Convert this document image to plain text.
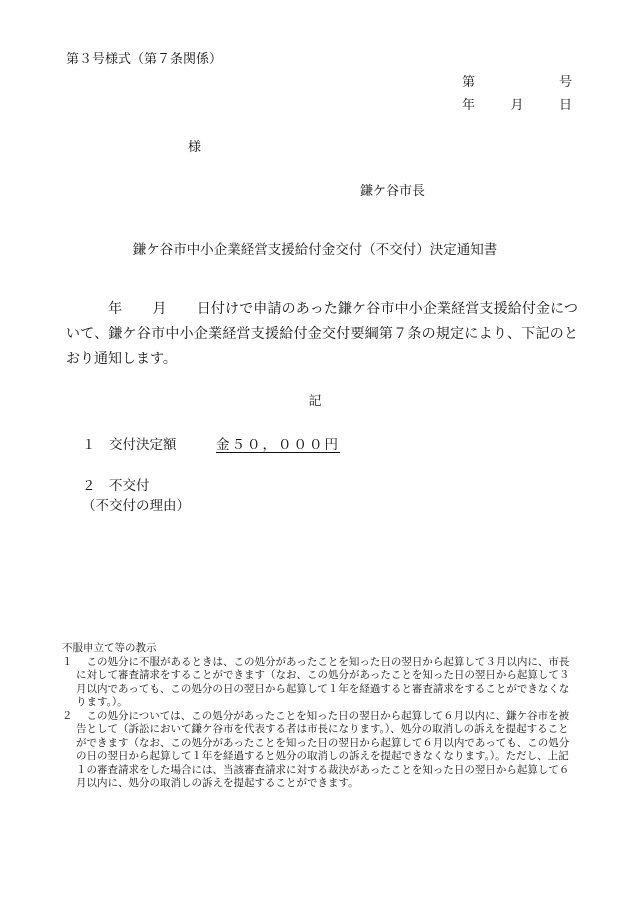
第３号様式（第７条関係）
第	号
年	月	日
様
鎌ケ谷市長
鎌ケ谷市中小企業経営支援給付金交付（不交付）決定通知書
年 月 日付けで申請のあった鎌ケ谷市中小企業経営支援給付金について、鎌ケ谷市中小企業経営支援給付金交付要綱第７条の規定により、下記のとおり通知します。
記
１　 交付決定額	金５０，０００円
２　 不交付
（不交付の理由）
不服申立て等の教示
１	この処分に不服があるときは、この処分があったことを知った日の翌日から起算して３月以内に、市長に対して審査請求をすることができます（なお、この処分があったことを知った日の翌日から起算して３月以内であっても、この処分の日の翌日から起算して１年を経過すると審査請求をすることができなくなります。）。
２	この処分については、この処分があったことを知った日の翌日から起算して６月以内に、鎌ケ谷市を被告として（訴訟において鎌ケ谷市を代表する者は市長になります。）、処分の取消しの訴えを提起することができます（なお、この処分があったことを知った日の翌日から起算して６月以内であっても、この処分の日の翌日から起算して１年を経過すると処分の取消しの訴えを提起できなくなります。）。ただし、上記１の審査請求をした場合には、当該審査請求に対する裁決があったことを知った日の翌日から起算して６月以内に、処分の取消しの訴えを提起することができます。
